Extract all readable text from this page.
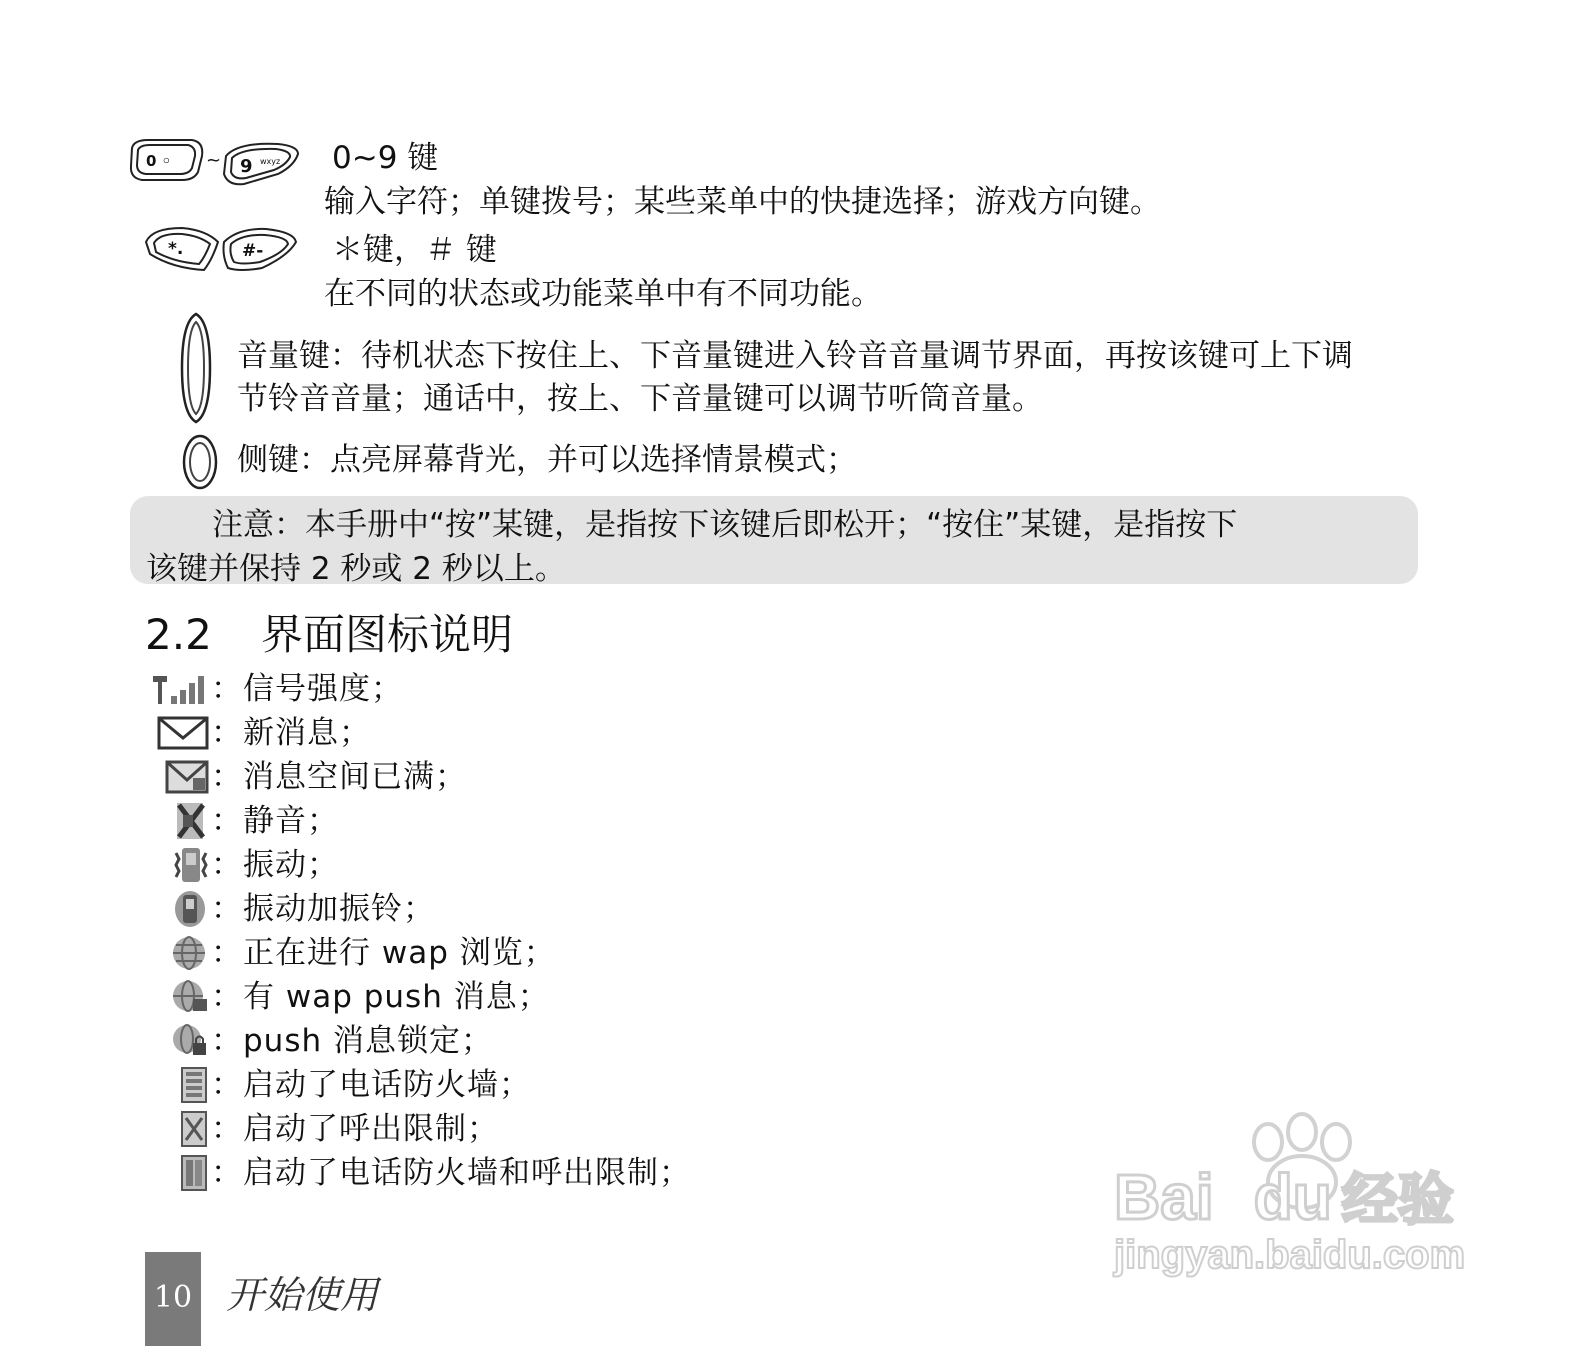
0 ◦ ~ 9 wxyz
*.	#-
0~9 键
输入字符；单键拨号；某些菜单中的快捷选择；游戏方向键。
＊键，＃ 键
在不同的状态或功能菜单中有不同功能。
音量键：待机状态下按住上、下音量键进入铃音音量调节界面，再按该键可上下调
节铃音音量；通话中，按上、下音量键可以调节听筒音量。
侧键：点亮屏幕背光，并可以选择情景模式；
注意：本手册中“按”某键，是指按下该键后即松开；“按住”某键，是指按下
该键并保持 2 秒或 2 秒以上。
2.2 界面图标说明
：信号强度；
：新消息；
：消息空间已满；
：静音；
：振动；
：振动加振铃；
：正在进行 wap 浏览；
：有 wap push 消息；
：push 消息锁定；
：启动了电话防火墙；
：启动了呼出限制；
：启动了电话防火墙和呼出限制；
10 开始使用
Bai du 经验
jingyan.baidu.com
